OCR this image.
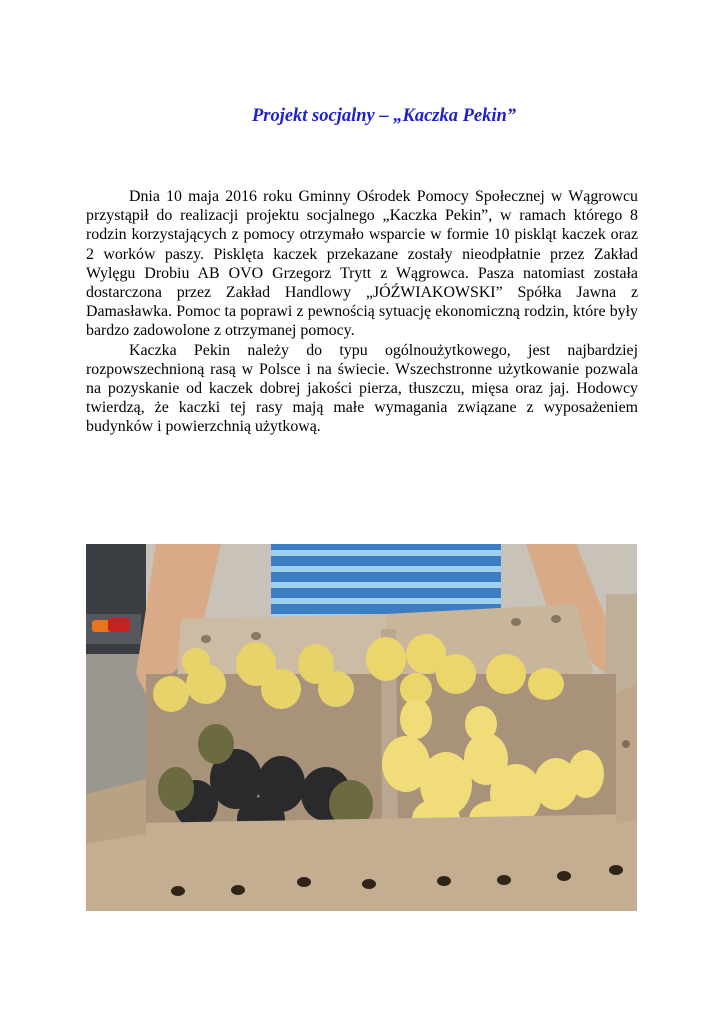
Projekt socjalny – „Kaczka Pekin”

Dnia 10 maja 2016 roku Gminny Ośrodek Pomocy Społecznej w Wągrowcu przystąpił do realizacji projektu socjalnego „Kaczka Pekin”, w ramach którego 8 rodzin korzystających z pomocy otrzymało wsparcie w formie 10 piskląt kaczek oraz 2 worków paszy. Pisklęta kaczek przekazane zostały nieodpłatnie przez Zakład Wylęgu Drobiu AB OVO Grzegorz Trytt z Wągrowca. Pasza natomiast została dostarczona przez Zakład Handlowy „JÓŹWIAKOWSKI” Spółka Jawna z Damasławka. Pomoc ta poprawi z pewnością sytuację ekonomiczną rodzin, które były bardzo zadowolone z otrzymanej pomocy.

Kaczka Pekin należy do typu ogólnoużytkowego, jest najbardziej rozpowszechnioną rasą w Polsce i na świecie. Wszechstronne użytkowanie pozwala na pozyskanie od kaczek dobrej jakości pierza, tłuszczu, mięsa oraz jaj. Hodowcy twierdzą, że kaczki tej rasy mają małe wymagania związane z wyposażeniem budynków i powierzchnią użytkową.
